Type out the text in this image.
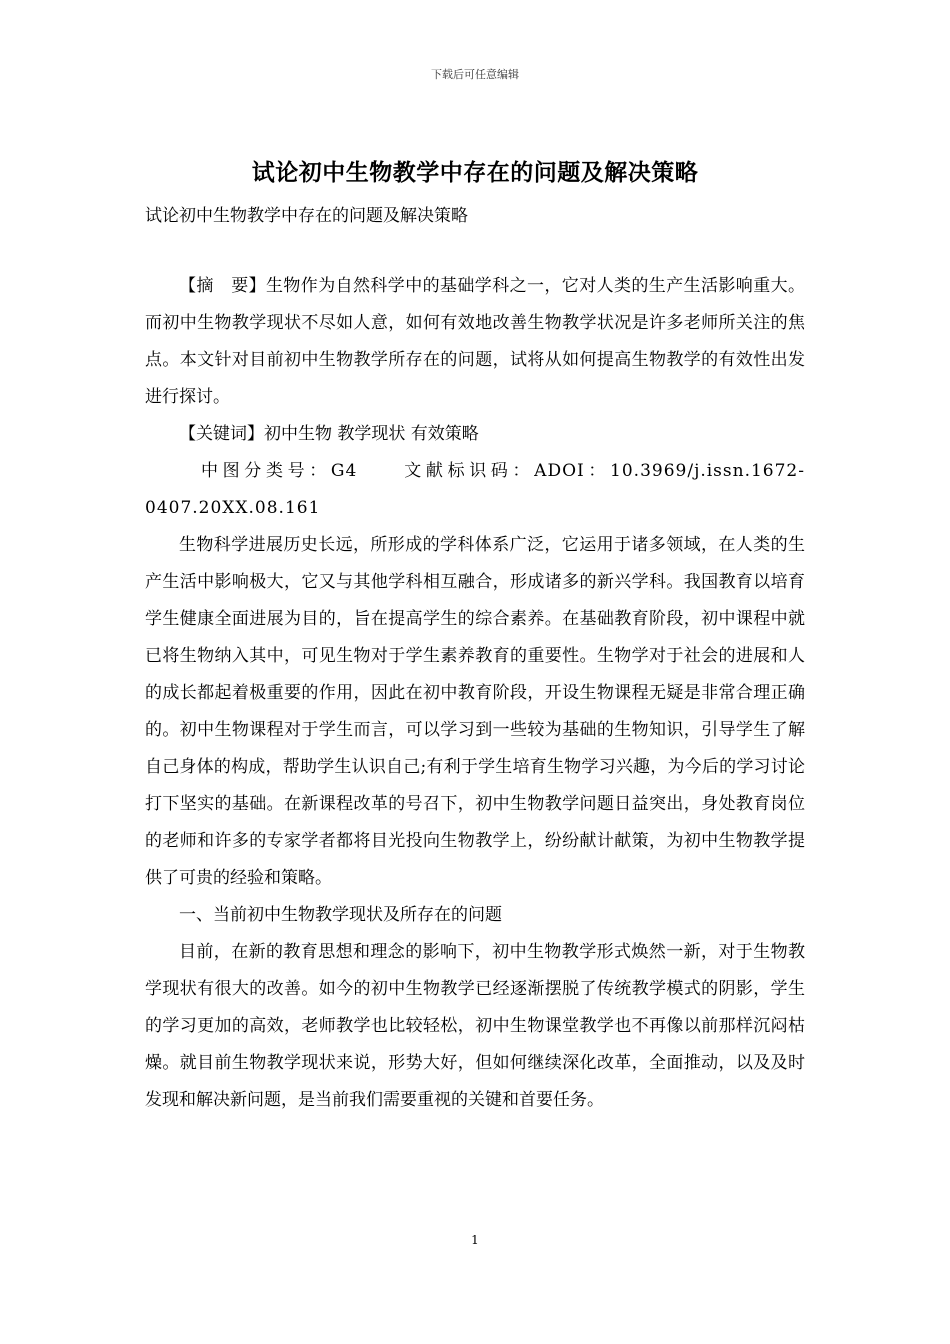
下载后可任意编辑
试论初中生物教学中存在的问题及解决策略
试论初中生物教学中存在的问题及解决策略

【摘　要】生物作为自然科学中的基础学科之一，它对人类的生产生活影响重大。而初中生物教学现状不尽如人意，如何有效地改善生物教学状况是许多老师所关注的焦点。本文针对目前初中生物教学所存在的问题，试将从如何提高生物教学的有效性出发进行探讨。

【关键词】初中生物 教学现状 有效策略

中图分类号：G4　　文献标识码：ADOI：10.3969/j.issn.1672-0407.20XX.08.161

生物科学进展历史长远，所形成的学科体系广泛，它运用于诸多领域，在人类的生产生活中影响极大，它又与其他学科相互融合，形成诸多的新兴学科。我国教育以培育学生健康全面进展为目的，旨在提高学生的综合素养。在基础教育阶段，初中课程中就已将生物纳入其中，可见生物对于学生素养教育的重要性。生物学对于社会的进展和人的成长都起着极重要的作用，因此在初中教育阶段，开设生物课程无疑是非常合理正确的。初中生物课程对于学生而言，可以学习到一些较为基础的生物知识，引导学生了解自己身体的构成，帮助学生认识自己;有利于学生培育生物学习兴趣，为今后的学习讨论打下坚实的基础。在新课程改革的号召下，初中生物教学问题日益突出，身处教育岗位的老师和许多的专家学者都将目光投向生物教学上，纷纷献计献策，为初中生物教学提供了可贵的经验和策略。

一、当前初中生物教学现状及所存在的问题

目前，在新的教育思想和理念的影响下，初中生物教学形式焕然一新，对于生物教学现状有很大的改善。如今的初中生物教学已经逐渐摆脱了传统教学模式的阴影，学生的学习更加的高效，老师教学也比较轻松，初中生物课堂教学也不再像以前那样沉闷枯燥。就目前生物教学现状来说，形势大好，但如何继续深化改革，全面推动，以及及时发现和解决新问题，是当前我们需要重视的关键和首要任务。

1
